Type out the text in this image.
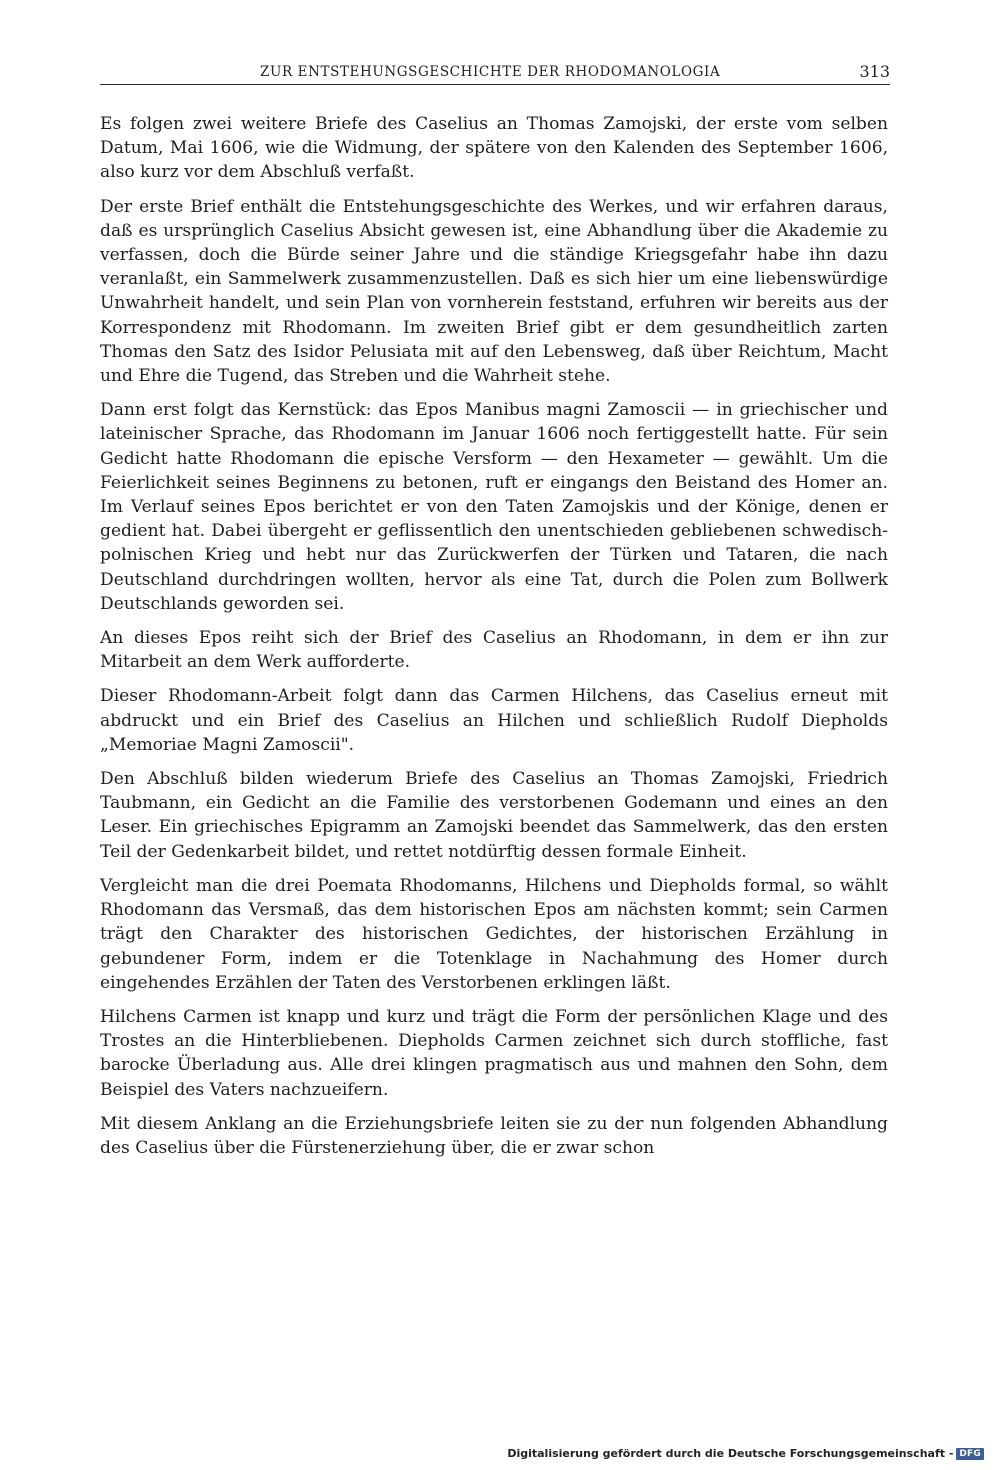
ZUR ENTSTEHUNGSGESCHICHTE DER RHODOMANOLOGIA	313

Es folgen zwei weitere Briefe des Caselius an Thomas Zamojski, der erste vom selben Datum, Mai 1606, wie die Widmung, der spätere von den Kalenden des September 1606, also kurz vor dem Abschluß verfaßt.

Der erste Brief enthält die Entstehungsgeschichte des Werkes, und wir erfahren daraus, daß es ursprünglich Caselius Absicht gewesen ist, eine Abhandlung über die Akademie zu verfassen, doch die Bürde seiner Jahre und die ständige Kriegsgefahr habe ihn dazu veranlaßt, ein Sammelwerk zusammenzustellen. Daß es sich hier um eine liebenswürdige Unwahrheit handelt, und sein Plan von vornherein feststand, erfuhren wir bereits aus der Korrespondenz mit Rhodomann. Im zweiten Brief gibt er dem gesundheitlich zarten Thomas den Satz des Isidor Pelusiata mit auf den Lebensweg, daß über Reichtum, Macht und Ehre die Tugend, das Streben und die Wahrheit stehe.

Dann erst folgt das Kernstück: das Epos Manibus magni Zamoscii — in griechischer und lateinischer Sprache, das Rhodomann im Januar 1606 noch fertiggestellt hatte. Für sein Gedicht hatte Rhodomann die epische Versform — den Hexameter — gewählt. Um die Feierlichkeit seines Beginnens zu betonen, ruft er eingangs den Beistand des Homer an. Im Verlauf seines Epos berichtet er von den Taten Zamojskis und der Könige, denen er gedient hat. Dabei übergeht er geflissentlich den unentschieden gebliebenen schwedisch-polnischen Krieg und hebt nur das Zurückwerfen der Türken und Tataren, die nach Deutschland durchdringen wollten, hervor als eine Tat, durch die Polen zum Bollwerk Deutschlands geworden sei.

An dieses Epos reiht sich der Brief des Caselius an Rhodomann, in dem er ihn zur Mitarbeit an dem Werk aufforderte.

Dieser Rhodomann-Arbeit folgt dann das Carmen Hilchens, das Caselius erneut mit abdruckt und ein Brief des Caselius an Hilchen und schließlich Rudolf Diepholds „Memoriae Magni Zamoscii".

Den Abschluß bilden wiederum Briefe des Caselius an Thomas Zamojski, Friedrich Taubmann, ein Gedicht an die Familie des verstorbenen Godemann und eines an den Leser. Ein griechisches Epigramm an Zamojski beendet das Sammelwerk, das den ersten Teil der Gedenkarbeit bildet, und rettet notdürftig dessen formale Einheit.

Vergleicht man die drei Poemata Rhodomanns, Hilchens und Diepholds formal, so wählt Rhodomann das Versmaß, das dem historischen Epos am nächsten kommt; sein Carmen trägt den Charakter des historischen Gedichtes, der historischen Erzählung in gebundener Form, indem er die Totenklage in Nachahmung des Homer durch eingehendes Erzählen der Taten des Verstorbenen erklingen läßt.

Hilchens Carmen ist knapp und kurz und trägt die Form der persönlichen Klage und des Trostes an die Hinterbliebenen. Diepholds Carmen zeichnet sich durch stoffliche, fast barocke Überladung aus. Alle drei klingen pragmatisch aus und mahnen den Sohn, dem Beispiel des Vaters nachzueifern.

Mit diesem Anklang an die Erziehungsbriefe leiten sie zu der nun folgenden Abhandlung des Caselius über die Fürstenerziehung über, die er zwar schon

Digitalisierung gefördert durch die Deutsche Forschungsgemeinschaft - DFG
